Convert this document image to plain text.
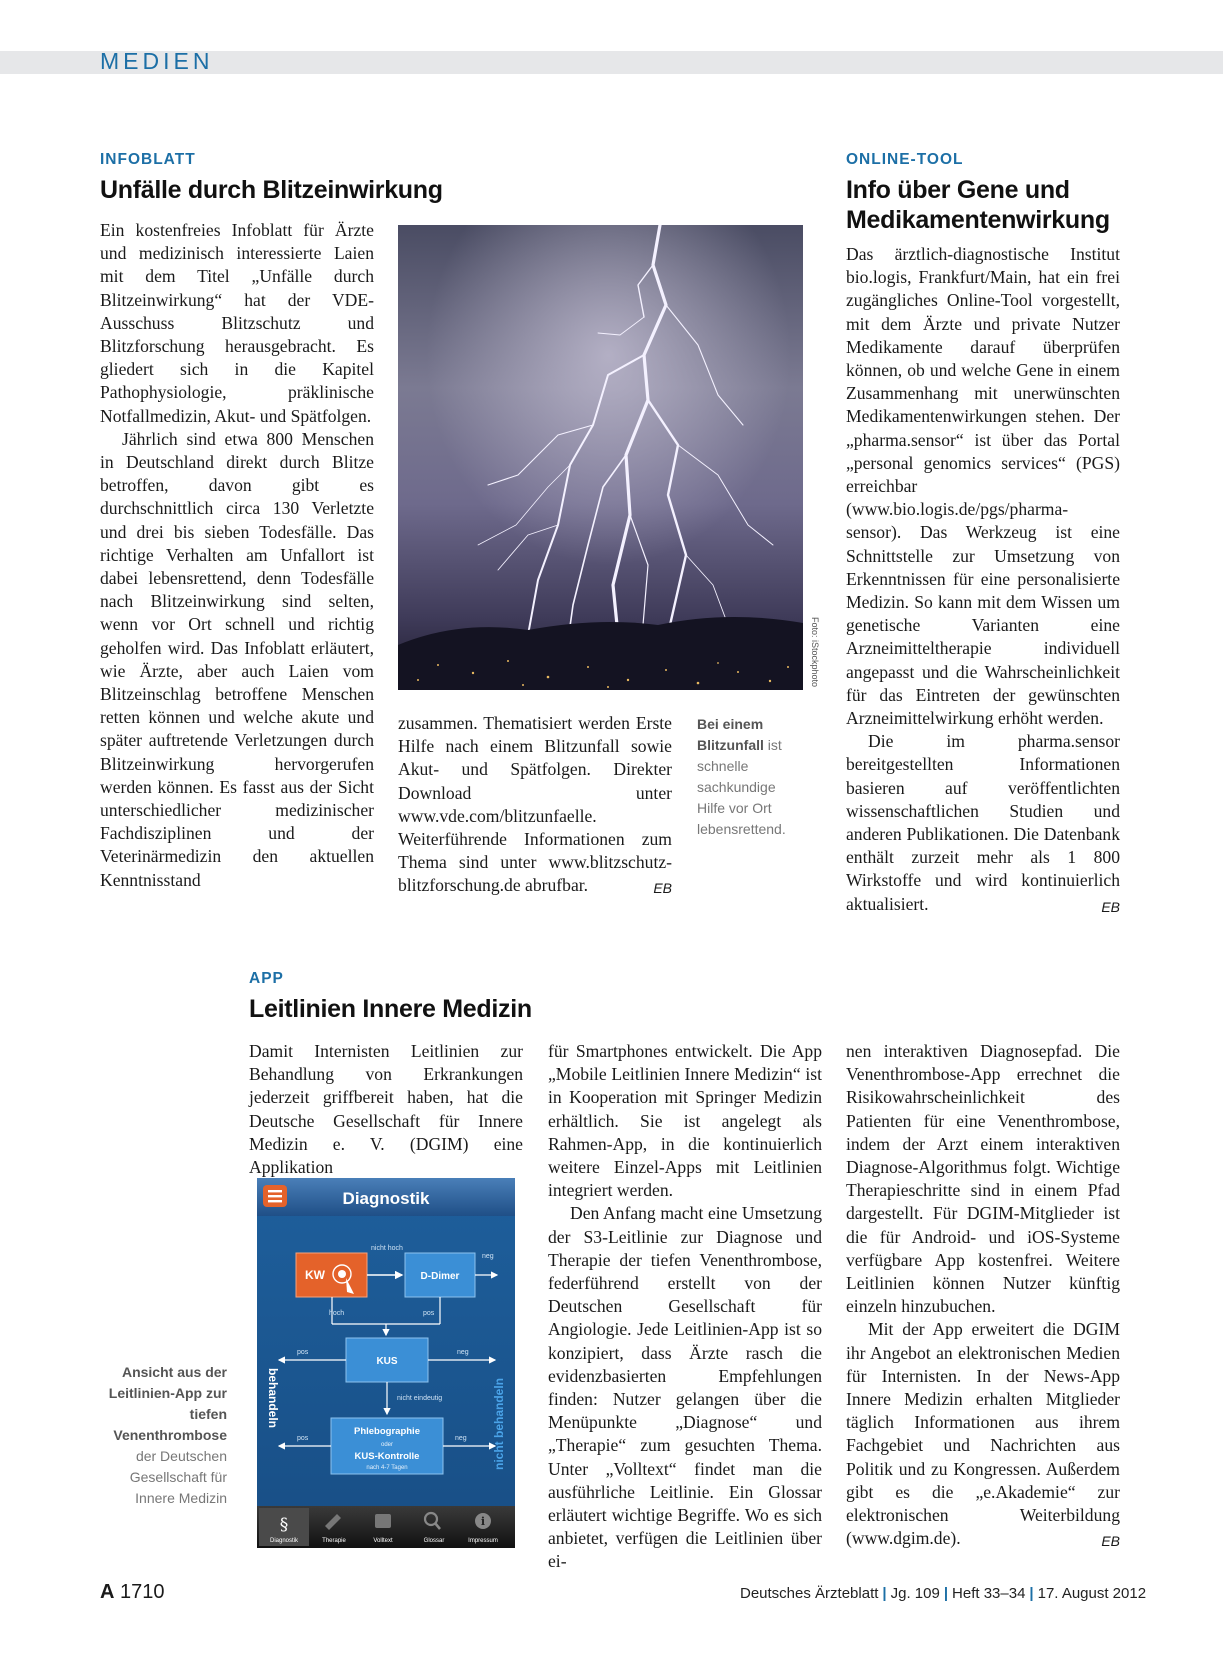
MEDIEN
INFOBLATT
Unfälle durch Blitzeinwirkung

Ein kostenfreies Infoblatt für Ärzte und medizinisch interessierte Laien mit dem Titel „Unfälle durch Blitzeinwirkung“ hat der VDE-Ausschuss Blitzschutz und Blitzforschung herausgebracht. Es gliedert sich in die Kapitel Pathophysiologie, präklinische Notfallmedizin, Akut- und Spätfolgen.

Jährlich sind etwa 800 Menschen in Deutschland direkt durch Blitze betroffen, davon gibt es durchschnittlich circa 130 Verletzte und drei bis sieben Todesfälle. Das richtige Verhalten am Unfallort ist dabei lebensrettend, denn Todesfälle nach Blitzeinwirkung sind selten, wenn vor Ort schnell und richtig geholfen wird. Das Infoblatt erläutert, wie Ärzte, aber auch Laien vom Blitzeinschlag betroffene Menschen retten können und welche akute und später auftretende Verletzungen durch Blitzeinwirkung hervorgerufen werden können. Es fasst aus der Sicht unterschiedlicher medizinischer Fachdisziplinen und der Veterinärmedizin den aktuellen Kenntnisstand

Foto: iStockphoto

zusammen. Thematisiert werden Erste Hilfe nach einem Blitzunfall sowie Akut- und Spätfolgen. Direkter Download unter www.vde.com/blitzunfaelle. Weiterführende Informationen zum Thema sind unter www.blitzschutz-blitzforschung.de abrufbar.	EB

Bei einem Blitzunfall ist schnelle sachkundige Hilfe vor Ort lebensrettend.
ONLINE-TOOL
Info über Gene und Medikamentenwirkung

Das ärztlich-diagnostische Institut bio.logis, Frankfurt/Main, hat ein frei zugängliches Online-Tool vorgestellt, mit dem Ärzte und private Nutzer Medikamente darauf überprüfen können, ob und welche Gene in einem Zusammenhang mit unerwünschten Medikamentenwirkungen stehen. Der „pharma.sensor“ ist über das Portal „personal genomics services“ (PGS) erreichbar (www.bio.logis.de/pgs/pharma-sensor). Das Werkzeug ist eine Schnittstelle zur Umsetzung von Erkenntnissen für eine personalisierte Medizin. So kann mit dem Wissen um genetische Varianten eine Arzneimitteltherapie individuell angepasst und die Wahrscheinlichkeit für das Eintreten der gewünschten Arzneimittelwirkung erhöht werden.

Die im pharma.sensor bereitgestellten Informationen basieren auf veröffentlichten wissenschaftlichen Studien und anderen Publikationen. Die Datenbank enthält zurzeit mehr als 1 800 Wirkstoffe und wird kontinuierlich aktualisiert.	EB

APP
Leitlinien Innere Medizin

Damit Internisten Leitlinien zur Behandlung von Erkrankungen jederzeit griffbereit haben, hat die Deutsche Gesellschaft für Innere Medizin e. V. (DGIM) eine Applikation

Diagnostik
nicht hoch
KW	D-Dimer
neg
hoch	pos
KUS
pos	neg
nicht eindeutig
Phlebographie
oder
KUS-Kontrolle
nach 4-7 Tagen
pos	neg
behandeln	nicht behandeln
§
Diagnostik	Therapie	Volltext	Glossar
i
Impressum
Ansicht aus der Leitlinien-App zur tiefen Venenthrombose der Deutschen Gesellschaft für Innere Medizin

für Smartphones entwickelt. Die App „Mobile Leitlinien Innere Medizin“ ist in Kooperation mit Springer Medizin erhältlich. Sie ist angelegt als Rahmen-App, in die kontinuierlich weitere Einzel-Apps mit Leitlinien integriert werden.

Den Anfang macht eine Umsetzung der S3-Leitlinie zur Diagnose und Therapie der tiefen Venenthrombose, federführend erstellt von der Deutschen Gesellschaft für Angiologie. Jede Leitlinien-App ist so konzipiert, dass Ärzte rasch die evidenzbasierten Empfehlungen finden: Nutzer gelangen über die Menüpunkte „Diagnose“ und „Therapie“ zum gesuchten Thema. Unter „Volltext“ findet man die ausführliche Leitlinie. Ein Glossar erläutert wichtige Begriffe. Wo es sich anbietet, verfügen die Leitlinien über ei-

nen interaktiven Diagnosepfad. Die Venenthrombose-App errechnet die Risikowahrscheinlichkeit des Patienten für eine Venenthrombose, indem der Arzt einem interaktiven Diagnose-Algorithmus folgt. Wichtige Therapieschritte sind in einem Pfad dargestellt. Für DGIM-Mitglieder ist die für Android- und iOS-Systeme verfügbare App kostenfrei. Weitere Leitlinien können Nutzer künftig einzeln hinzubuchen.

Mit der App erweitert die DGIM ihr Angebot an elektronischen Medien für Internisten. In der News-App Innere Medizin erhalten Mitglieder täglich Informationen aus ihrem Fachgebiet und Nachrichten aus Politik und zu Kongressen. Außerdem gibt es die „e.Akademie“ zur elektronischen Weiterbildung (www.dgim.de).	EB

A 1710	Deutsches Ärzteblatt | Jg. 109 | Heft 33–34 | 17. August 2012
